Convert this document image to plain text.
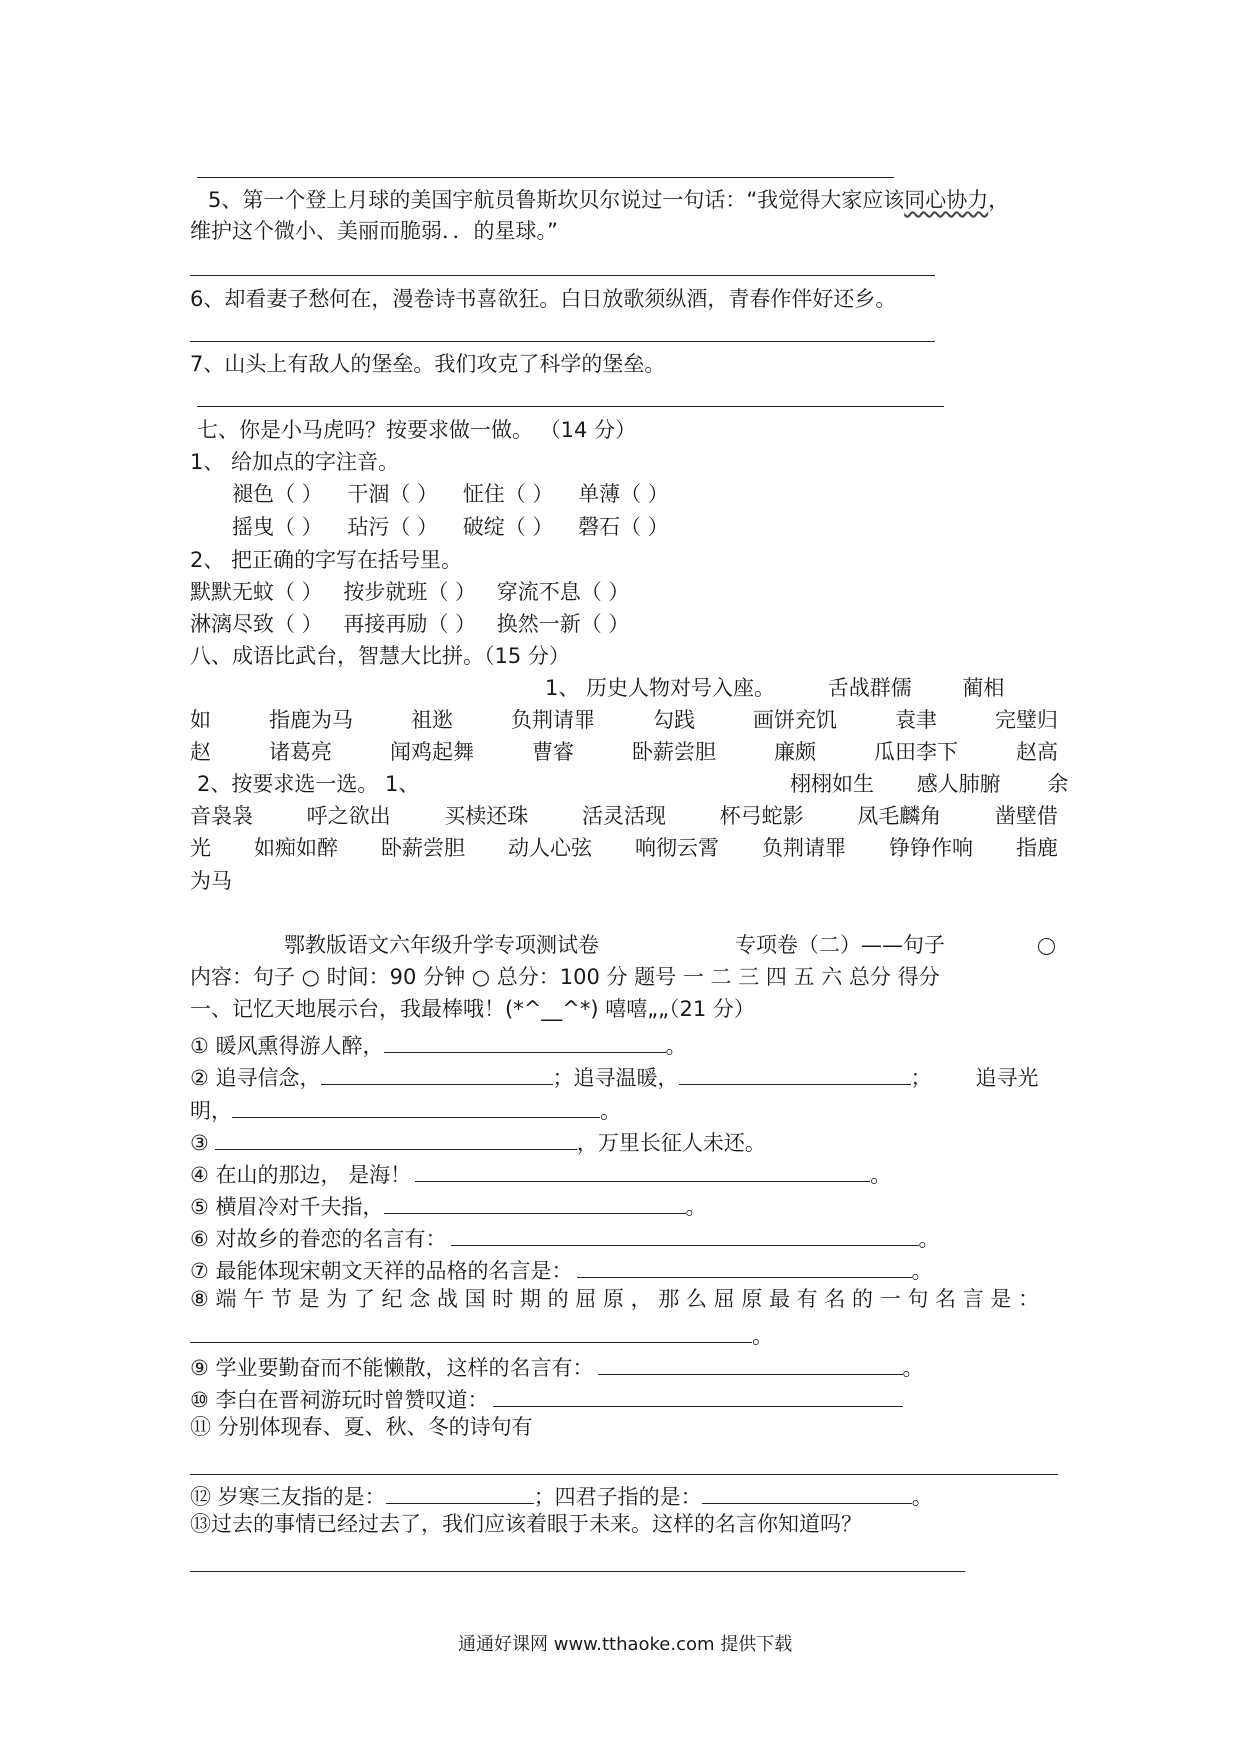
5、第一个登上月球的美国宇航员鲁斯坎贝尔说过一句话：“我觉得大家应该同心协力，
维护这个微小、美丽而脆弱．．的星球。”
6、却看妻子愁何在，漫卷诗书喜欲狂。白日放歌须纵酒，青春作伴好还乡。
7、山头上有敌人的堡垒。我们攻克了科学的堡垒。
七、你是小马虎吗？按要求做一做。 （14 分）
1、 给加点的字注音。
褪色（ ） 干涸（ ） 怔住（ ） 单薄（ ）
摇曳（ ） 玷污（ ） 破绽（ ） 磬石（ ）
2、 把正确的字写在括号里。
默默无蚊（ ） 按步就班（ ） 穿流不息（ ）
淋漓尽致（ ） 再接再励（ ） 换然一新（ ）
八、成语比武台，智慧大比拼。（15 分）
1、 历史人物对号入座。	舌战群儒 蔺相
如	指鹿为马	祖逖	负荆请罪	勾践	画饼充饥	袁聿	完璧归
赵	诸葛亮	闻鸡起舞	曹睿	卧薪尝胆	廉颇	瓜田李下	赵高
2、按要求选一选。 1、	栩栩如生 感人肺腑 余
音袅袅	呼之欲出	买椟还珠	活灵活现	杯弓蛇影	凤毛麟角	凿壁借
光 如痴如醉 卧薪尝胆 动人心弦 响彻云霄 负荆请罪 铮铮作响 指鹿
为马
鄂教版语文六年级升学专项测试卷	专项卷（二）——句子
内容：句子 ○ 时间：90 分钟 ○ 总分：100 分 题号 一 二 三 四 五 六 总分 得分
一、记忆天地展示台，我最棒哦！(*^__^*) 嘻嘻„„（21 分）
① 暖风熏得游人醉，	。
② 追寻信念，	；追寻温暖，	； 追寻光
明，	。
③	，万里长征人未还。
④ 在山的那边， 是海！	。
⑤ 横眉冷对千夫指，	。
⑥ 对故乡的眷恋的名言有：	。
⑦ 最能体现宋朝文天祥的品格的名言是：	。
⑧ 端 午 节 是 为 了 纪 念 战 国 时 期 的 屈 原 ， 那 么 屈 原 最 有 名 的 一 句 名 言 是 ：
。
⑨ 学业要勤奋而不能懒散，这样的名言有：	。
⑩ 李白在晋祠游玩时曾赞叹道：
⑪ 分别体现春、夏、秋、冬的诗句有
⑫ 岁寒三友指的是：	；四君子指的是：	。
⑬过去的事情已经过去了，我们应该着眼于未来。这样的名言你知道吗？
通通好课网 www.tthaoke.com 提供下载
